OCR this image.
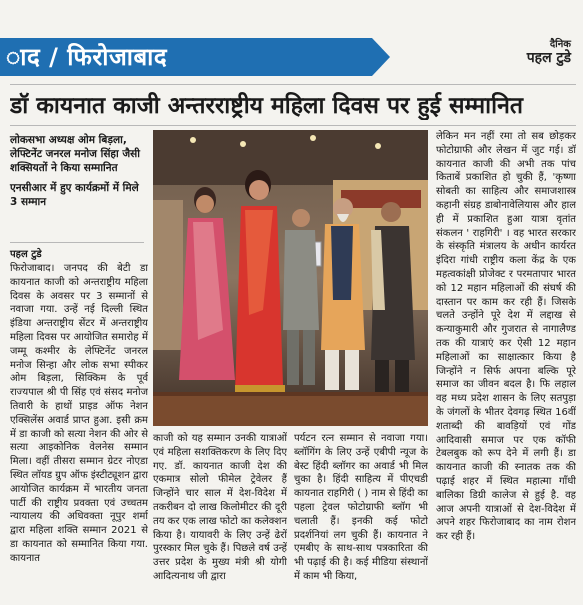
ाद / फिरोजाबाद	दैनिक
पहल टुडे
डॉ कायनात काजी अन्तरराष्ट्रीय महिला दिवस पर हुई सम्मानित
लोकसभा अध्यक्ष ओम बिड़ला, लेफ्टिनेंट जनरल मनोज सिंहा जैसी शक्सियतों ने किया सम्मानित
एनसीआर में हुए कार्यक्रमों में मिले 3 सम्मान
पहल टुडे
फिरोजाबाद। जनपद की बेटी डा कायनात काजी को अन्तराष्ट्रीय महिला दिवस के अवसर पर 3 सम्मानों से नवाजा गया. उन्हें नई दिल्ली स्थित इंडिया अन्तराष्ट्रीय सेंटर में अन्तराष्ट्रीय महिला दिवस पर आयोजित समारोह में जम्मू कश्मीर के लेफ्टिनेंट जनरल मनोज सिन्हा और लोक सभा स्पीकर ओम बिड़ला, सिक्किम के पूर्व राज्यपाल श्री पी सिंह एवं संसद मनोज तिवारी के हाथों प्राइड ऑफ नेशन एक्सिलेंस अवार्ड प्राप्त हुआ. इसी क्रम में डा काजी को सत्या नेशन की ओर से सत्या आइकोनिक वेलनेस सम्मान मिला। वहीं तीसरा सम्मान ग्रेटर नोएडा स्थित लॉयड ग्रुप ऑफ इंस्टीट्यूशन द्वारा आयोजित कार्यक्रम में भारतीय जनता पार्टी की राष्ट्रीय प्रवक्ता एवं उच्चतम न्यायालय की अधिवक्ता नूपुर शर्मा द्वारा महिला शक्ति सम्मान 2021 से डा कायनात को सम्मानित किया गया. कायनात
काजी को यह सम्मान उनकी यात्राओं एवं महिला सशक्तिकरण के लिए दिए गए. डॉ. कायनात काजी देश की एकमात्र सोलो फीमेल ट्रेवेलर हैं जिन्होंने चार साल में देश-विदेश में तकरीबन दो लाख किलोमीटर की दूरी तय कर एक लाख फोटो का कलेक्शन किया है। यायावरी के लिए उन्हें ढेरों पुरस्कार मिल चुके हैं। पिछले वर्ष उन्हें उत्तर प्रदेश के मुख्य मंत्री श्री योगी आदित्यनाथ जी द्वारा
पर्यटन रत्न सम्मान से नवाजा गया। ब्लॉगिंग के लिए उन्हें एबीपी न्यूज के बेस्ट हिंदी ब्लॉगर का अवार्ड भी मिल चुका है। हिंदी साहित्य में पीएचडी कायनात राहगिरी ( ) नाम से हिंदी का पहला ट्रेवल फोटोग्राफी ब्लॉग भी चलाती हैं। इनकी कई फोटो प्रदर्शनियां लग चुकी हैं। कायनात ने एमबीए के साथ-साथ पत्रकारिता की भी पढ़ाई की है। कई मीडिया संस्थानों में काम भी किया,
लेकिन मन नहीं रमा तो सब छोड़कर फोटोग्राफी और लेखन में जुट गई। डॉ कायनात काजी की अभी तक पांच किताबें प्रकाशित हो चुकी हैं, 'कृष्णा सोबती का साहित्य और समाजशास्त्र कहानी संग्रह डाबोनावेलियास और हाल ही में प्रकाशित हुआ यात्रा वृतांत संकलन ' राहगिरी' । वह भारत सरकार के संस्कृति मंत्रालय के अधीन कार्यरत इंदिरा गांधी राष्ट्रीय कला केंद्र के एक महत्वकांक्षी प्रोजेक्ट र परमतापार भारत को 12 महान महिलाओं की संघर्ष की दास्तान पर काम कर रही हैं। जिसके चलते उन्होंने पूरे देश में लद्दाख से कन्याकुमारी और गुजरात से नागालैण्ड तक की यात्राएं कर ऐसी 12 महान महिलाओं का साक्षात्कार किया है जिन्होंने न सिर्फ अपना बल्कि पूरे समाज का जीवन बदल है। फि लहाल वह मध्य प्रदेश शासन के लिए सतपुड़ा के जंगलों के भीतर देवगढ़ स्थित 16वीं शताब्दी की बावड़ियों एवं गोंड आदिवासी समाज पर एक कॉफी टेबलबुक को रूप देने में लगी हैं। डा कायनात काजी की स्नातक तक की पढ़ाई शहर में स्थित महात्मा गाँधी बालिका डिग्री कालेज से हुई है. वह आज अपनी यात्राओं से देश-विदेश में अपने शहर फिरोजाबाद का नाम रोशन कर रही हैं।
